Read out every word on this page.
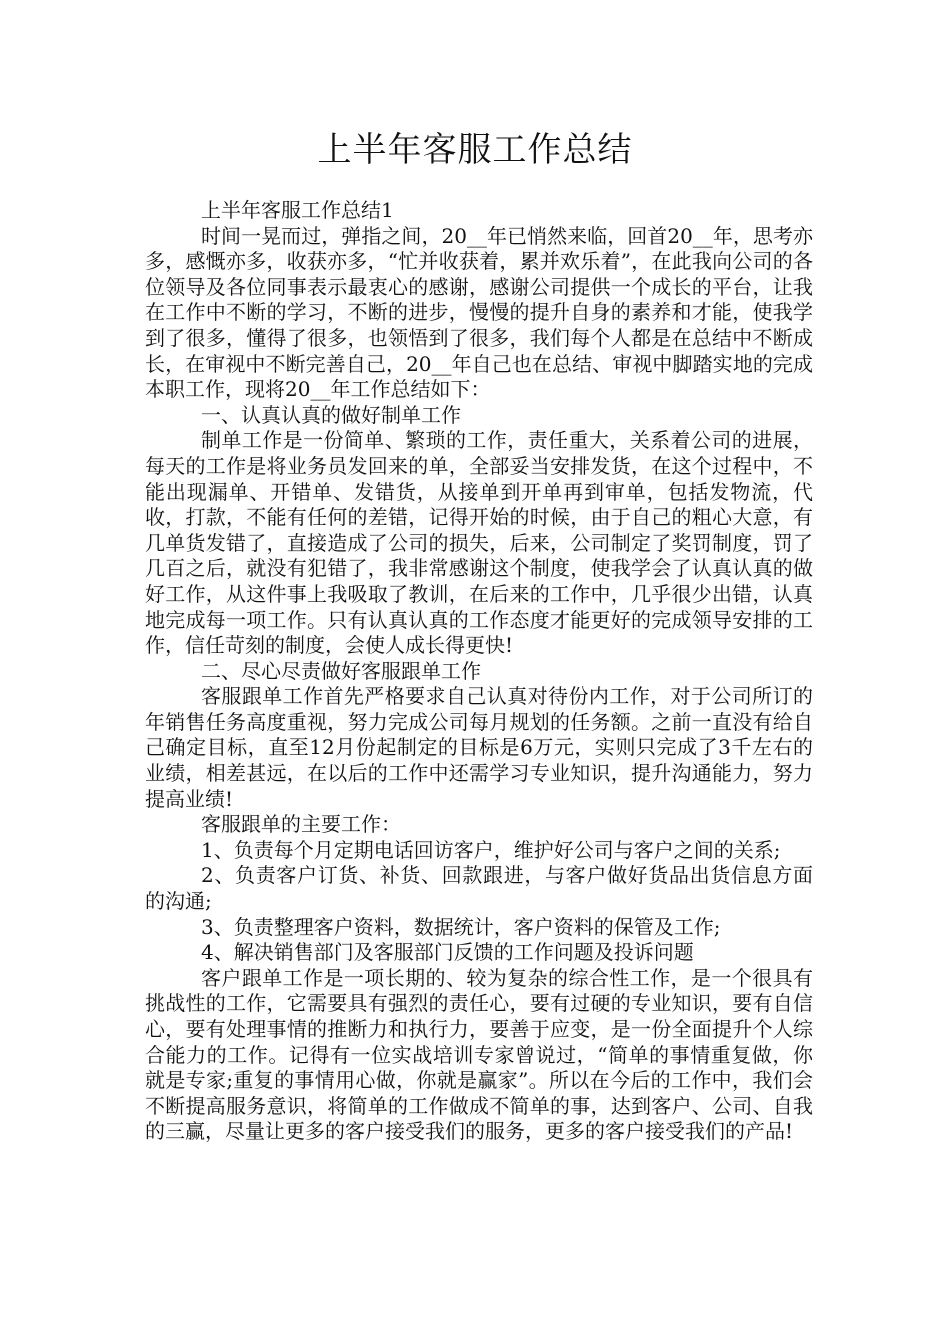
上半年客服工作总结

上半年客服工作总结1

时间一晃而过，弹指之间，20__年已悄然来临，回首20__年，思考亦多，感慨亦多，收获亦多，“忙并收获着，累并欢乐着”，在此我向公司的各位领导及各位同事表示最衷心的感谢，感谢公司提供一个成长的平台，让我在工作中不断的学习，不断的进步，慢慢的提升自身的素养和才能，使我学到了很多，懂得了很多，也领悟到了很多，我们每个人都是在总结中不断成长，在审视中不断完善自己，20__年自己也在总结、审视中脚踏实地的完成本职工作，现将20__年工作总结如下：

一、认真认真的做好制单工作

制单工作是一份简单、繁琐的工作，责任重大，关系着公司的进展，每天的工作是将业务员发回来的单，全部妥当安排发货，在这个过程中，不能出现漏单、开错单、发错货，从接单到开单再到审单，包括发物流，代收，打款，不能有任何的差错，记得开始的时候，由于自己的粗心大意，有几单货发错了，直接造成了公司的损失，后来，公司制定了奖罚制度，罚了几百之后，就没有犯错了，我非常感谢这个制度，使我学会了认真认真的做好工作，从这件事上我吸取了教训，在后来的工作中，几乎很少出错，认真地完成每一项工作。只有认真认真的工作态度才能更好的完成领导安排的工作，信任苛刻的制度，会使人成长得更快!

二、尽心尽责做好客服跟单工作

客服跟单工作首先严格要求自己认真对待份内工作，对于公司所订的年销售任务高度重视，努力完成公司每月规划的任务额。之前一直没有给自己确定目标，直至12月份起制定的目标是6万元，实则只完成了3千左右的业绩，相差甚远，在以后的工作中还需学习专业知识，提升沟通能力，努力提高业绩!

客服跟单的主要工作：

1、负责每个月定期电话回访客户，维护好公司与客户之间的关系;

2、负责客户订货、补货、回款跟进，与客户做好货品出货信息方面的沟通;

3、负责整理客户资料，数据统计，客户资料的保管及工作;

4、解决销售部门及客服部门反馈的工作问题及投诉问题

客户跟单工作是一项长期的、较为复杂的综合性工作，是一个很具有挑战性的工作，它需要具有强烈的责任心，要有过硬的专业知识，要有自信心，要有处理事情的推断力和执行力，要善于应变，是一份全面提升个人综合能力的工作。记得有一位实战培训专家曾说过，“简单的事情重复做，你就是专家;重复的事情用心做，你就是赢家”。所以在今后的工作中，我们会不断提高服务意识，将简单的工作做成不简单的事，达到客户、公司、自我的三赢，尽量让更多的客户接受我们的服务，更多的客户接受我们的产品!
